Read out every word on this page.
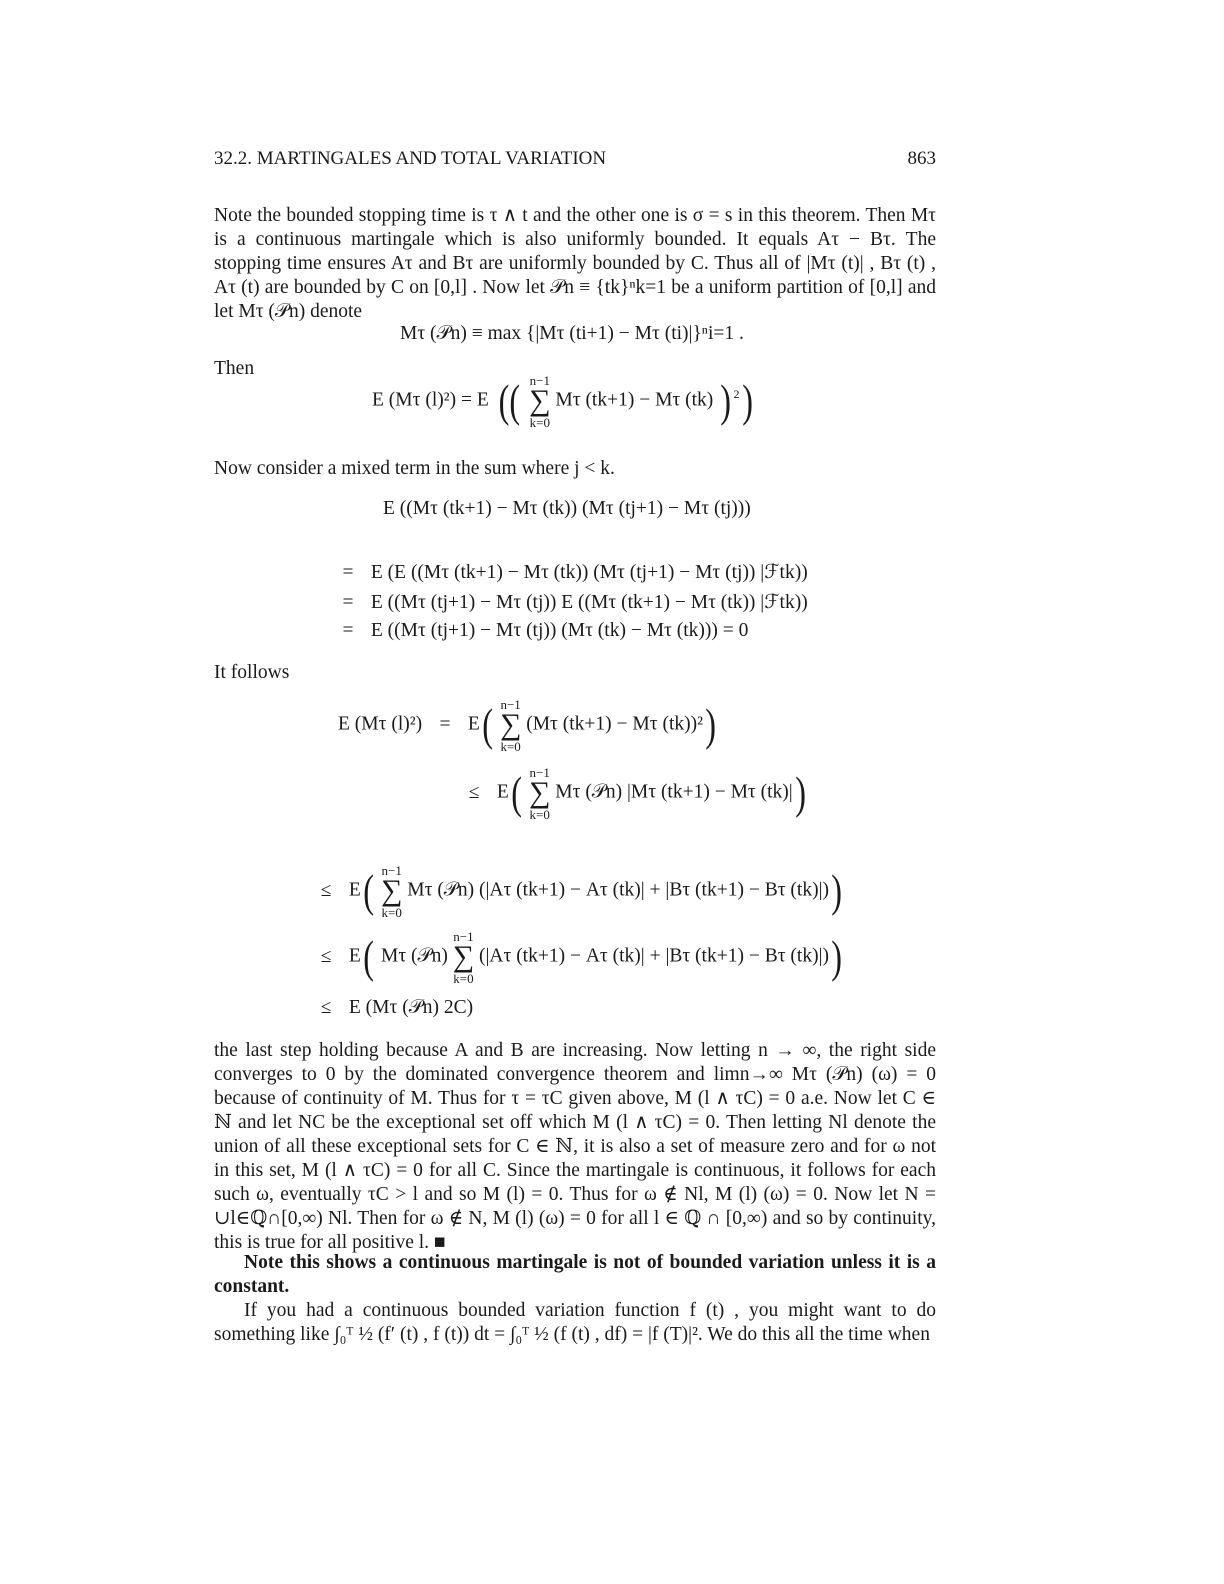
32.2. MARTINGALES AND TOTAL VARIATION	863
Note the bounded stopping time is τ ∧ t and the other one is σ = s in this theorem. Then Mτ is a continuous martingale which is also uniformly bounded. It equals Aτ − Bτ. The stopping time ensures Aτ and Bτ are uniformly bounded by C. Thus all of |Mτ (t)| , Bτ (t) , Aτ (t) are bounded by C on [0,l] . Now let 𝒫n ≡ {tk}ⁿk=1 be a uniform partition of [0,l] and let Mτ (𝒫n) denote
Mτ (𝒫n) ≡ max {|Mτ (ti+1) − Mτ (ti)|}ⁿi=1 .
Then
E (Mτ (l)²) = E (( n−1
∑
k=0 Mτ (tk+1) − Mτ (tk) ) $^2$)
Now consider a mixed term in the sum where j < k.
E ((Mτ (tk+1) − Mτ (tk)) (Mτ (tj+1) − Mτ (tj)))
= E (E ((Mτ (tk+1) − Mτ (tk)) (Mτ (tj+1) − Mτ (tj)) |ℱtk))
= E ((Mτ (tj+1) − Mτ (tj)) E ((Mτ (tk+1) − Mτ (tk)) |ℱtk))
= E ((Mτ (tj+1) − Mτ (tj)) (Mτ (tk) − Mτ (tk))) = 0
It follows
E (Mτ (l)²) = E( n−1
∑
k=0 (Mτ (tk+1) − Mτ (tk))²)
≤ E( n−1
∑
k=0 Mτ (𝒫n) |Mτ (tk+1) − Mτ (tk)|)
≤ E( n−1
∑
k=0 Mτ (𝒫n) (|Aτ (tk+1) − Aτ (tk)| + |Bτ (tk+1) − Bτ (tk)|))
≤ E( Mτ (𝒫n) n−1
∑
k=0 (|Aτ (tk+1) − Aτ (tk)| + |Bτ (tk+1) − Bτ (tk)|))
≤ E (Mτ (𝒫n) 2C)
the last step holding because A and B are increasing. Now letting n → ∞, the right side converges to 0 by the dominated convergence theorem and limn→∞ Mτ (𝒫n) (ω) = 0 because of continuity of M. Thus for τ = τC given above, M (l ∧ τC) = 0 a.e. Now let C ∈ ℕ and let NC be the exceptional set off which M (l ∧ τC) = 0. Then letting Nl denote the union of all these exceptional sets for C ∈ ℕ, it is also a set of measure zero and for ω not in this set, M (l ∧ τC) = 0 for all C. Since the martingale is continuous, it follows for each such ω, eventually τC > l and so M (l) = 0. Thus for ω ∉ Nl, M (l) (ω) = 0. Now let N = ∪l∈ℚ∩[0,∞) Nl. Then for ω ∉ N, M (l) (ω) = 0 for all l ∈ ℚ ∩ [0,∞) and so by continuity, this is true for all positive l. ■
Note this shows a continuous martingale is not of bounded variation unless it is a constant.
If you had a continuous bounded variation function f (t) , you might want to do something like ∫₀ᵀ ½ (f′ (t) , f (t)) dt = ∫₀ᵀ ½ (f (t) , df) = |f (T)|². We do this all the time when
